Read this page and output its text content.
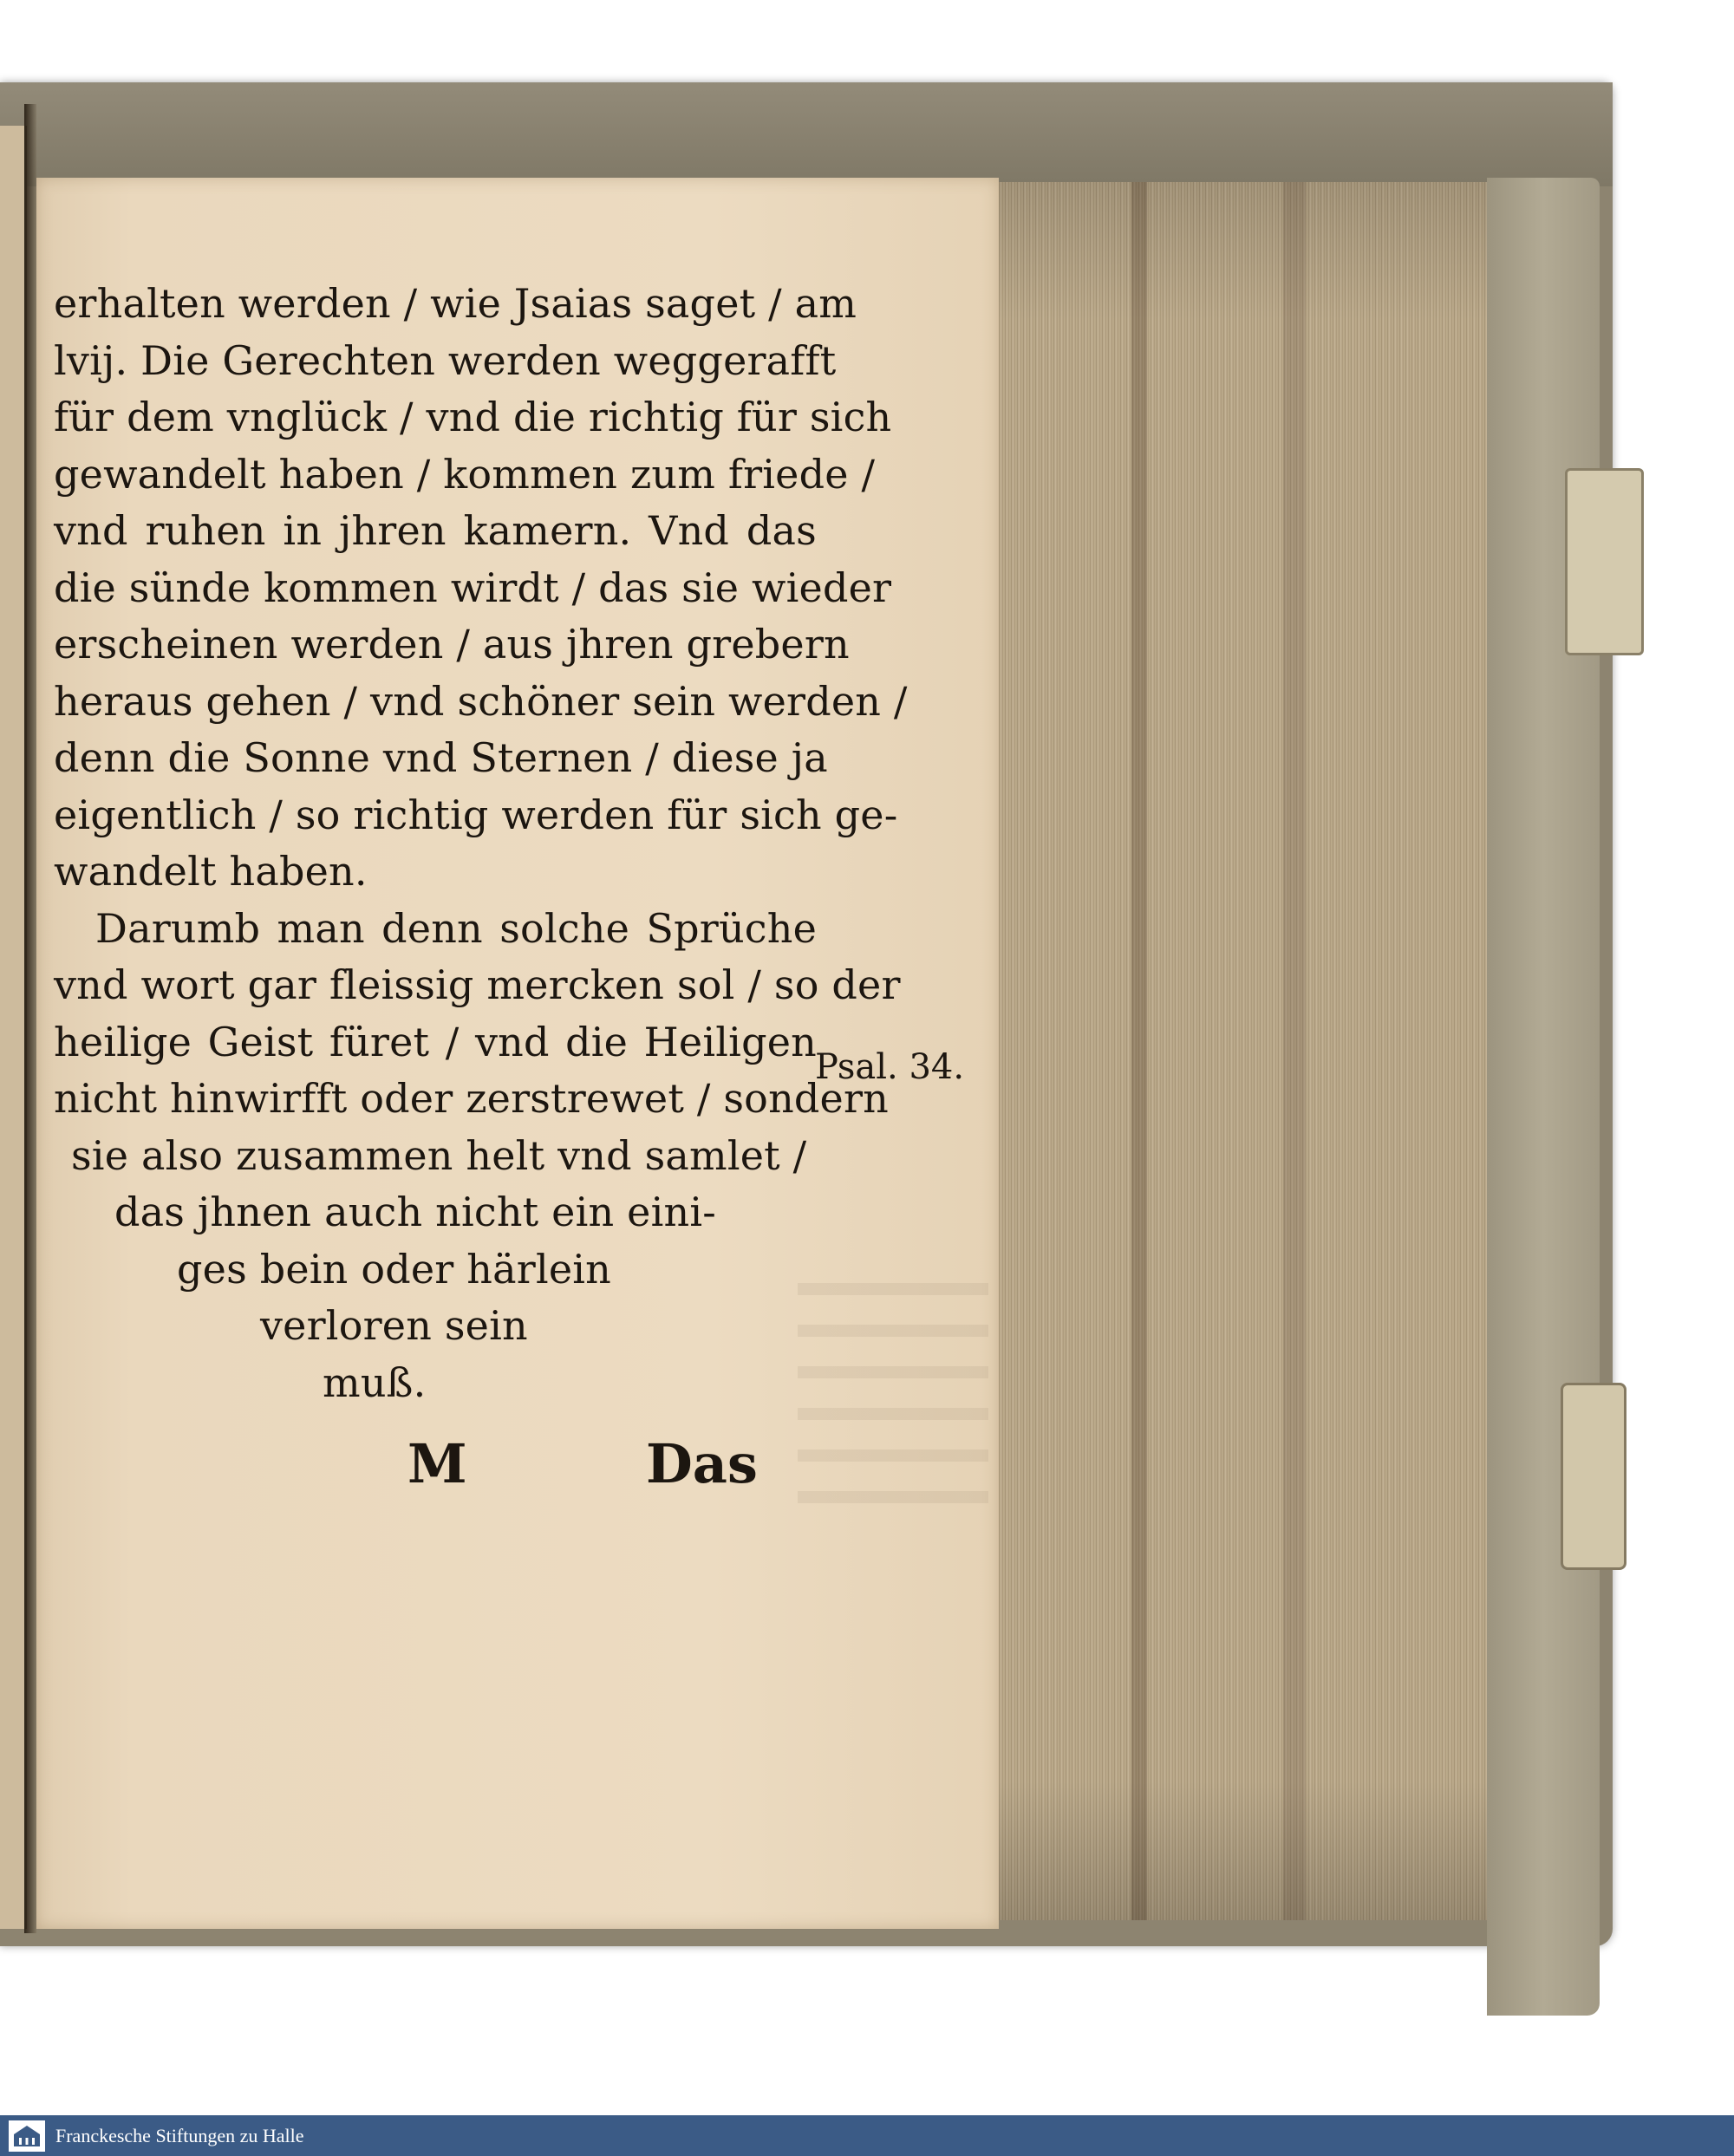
erhalten werden / wie Jsaias saget / am
lvij. Die Gerechten werden weggerafft
für dem vnglück / vnd die richtig für sich
gewandelt haben / kommen zum friede /
vnd ruhen in jhren kamern. Vnd das
die sünde kommen wirdt / das sie wieder
erscheinen werden / aus jhren grebern
heraus gehen / vnd schöner sein werden /
denn die Sonne vnd Sternen / diese ja
eigentlich / so richtig werden für sich ge-
wandelt haben.
Darumb man denn solche Sprüche
vnd wort gar fleissig mercken sol / so der
heilige Geist füret / vnd die Heiligen
nicht hinwirfft oder zerstrewet / sondern
sie also zusammen helt vnd samlet /
das jhnen auch nicht ein eini-
ges bein oder härlein
verloren sein
muß.
Psal. 34.
M	Das
Franckesche Stiftungen zu Halle
